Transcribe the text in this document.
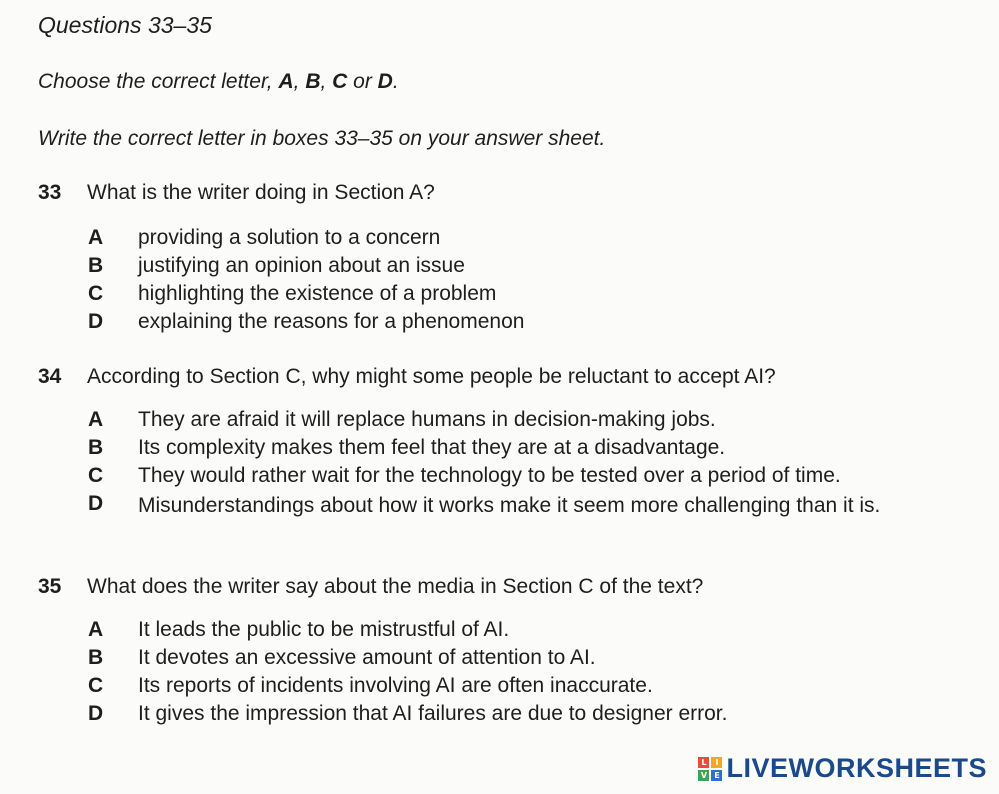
Questions 33–35
Choose the correct letter, A, B, C or D.
Write the correct letter in boxes 33–35 on your answer sheet.
33	What is the writer doing in Section A?
A	providing a solution to a concern
B	justifying an opinion about an issue
C	highlighting the existence of a problem
D	explaining the reasons for a phenomenon
34	According to Section C, why might some people be reluctant to accept AI?
A	They are afraid it will replace humans in decision-making jobs.
B	Its complexity makes them feel that they are at a disadvantage.
C	They would rather wait for the technology to be tested over a period of time.
D	Misunderstandings about how it works make it seem more challenging than it is.
35	What does the writer say about the media in Section C of the text?
A	It leads the public to be mistrustful of AI.
B	It devotes an excessive amount of attention to AI.
C	Its reports of incidents involving AI are often inaccurate.
D	It gives the impression that AI failures are due to designer error.
L	I
V E LIVEWORKSHEETS
